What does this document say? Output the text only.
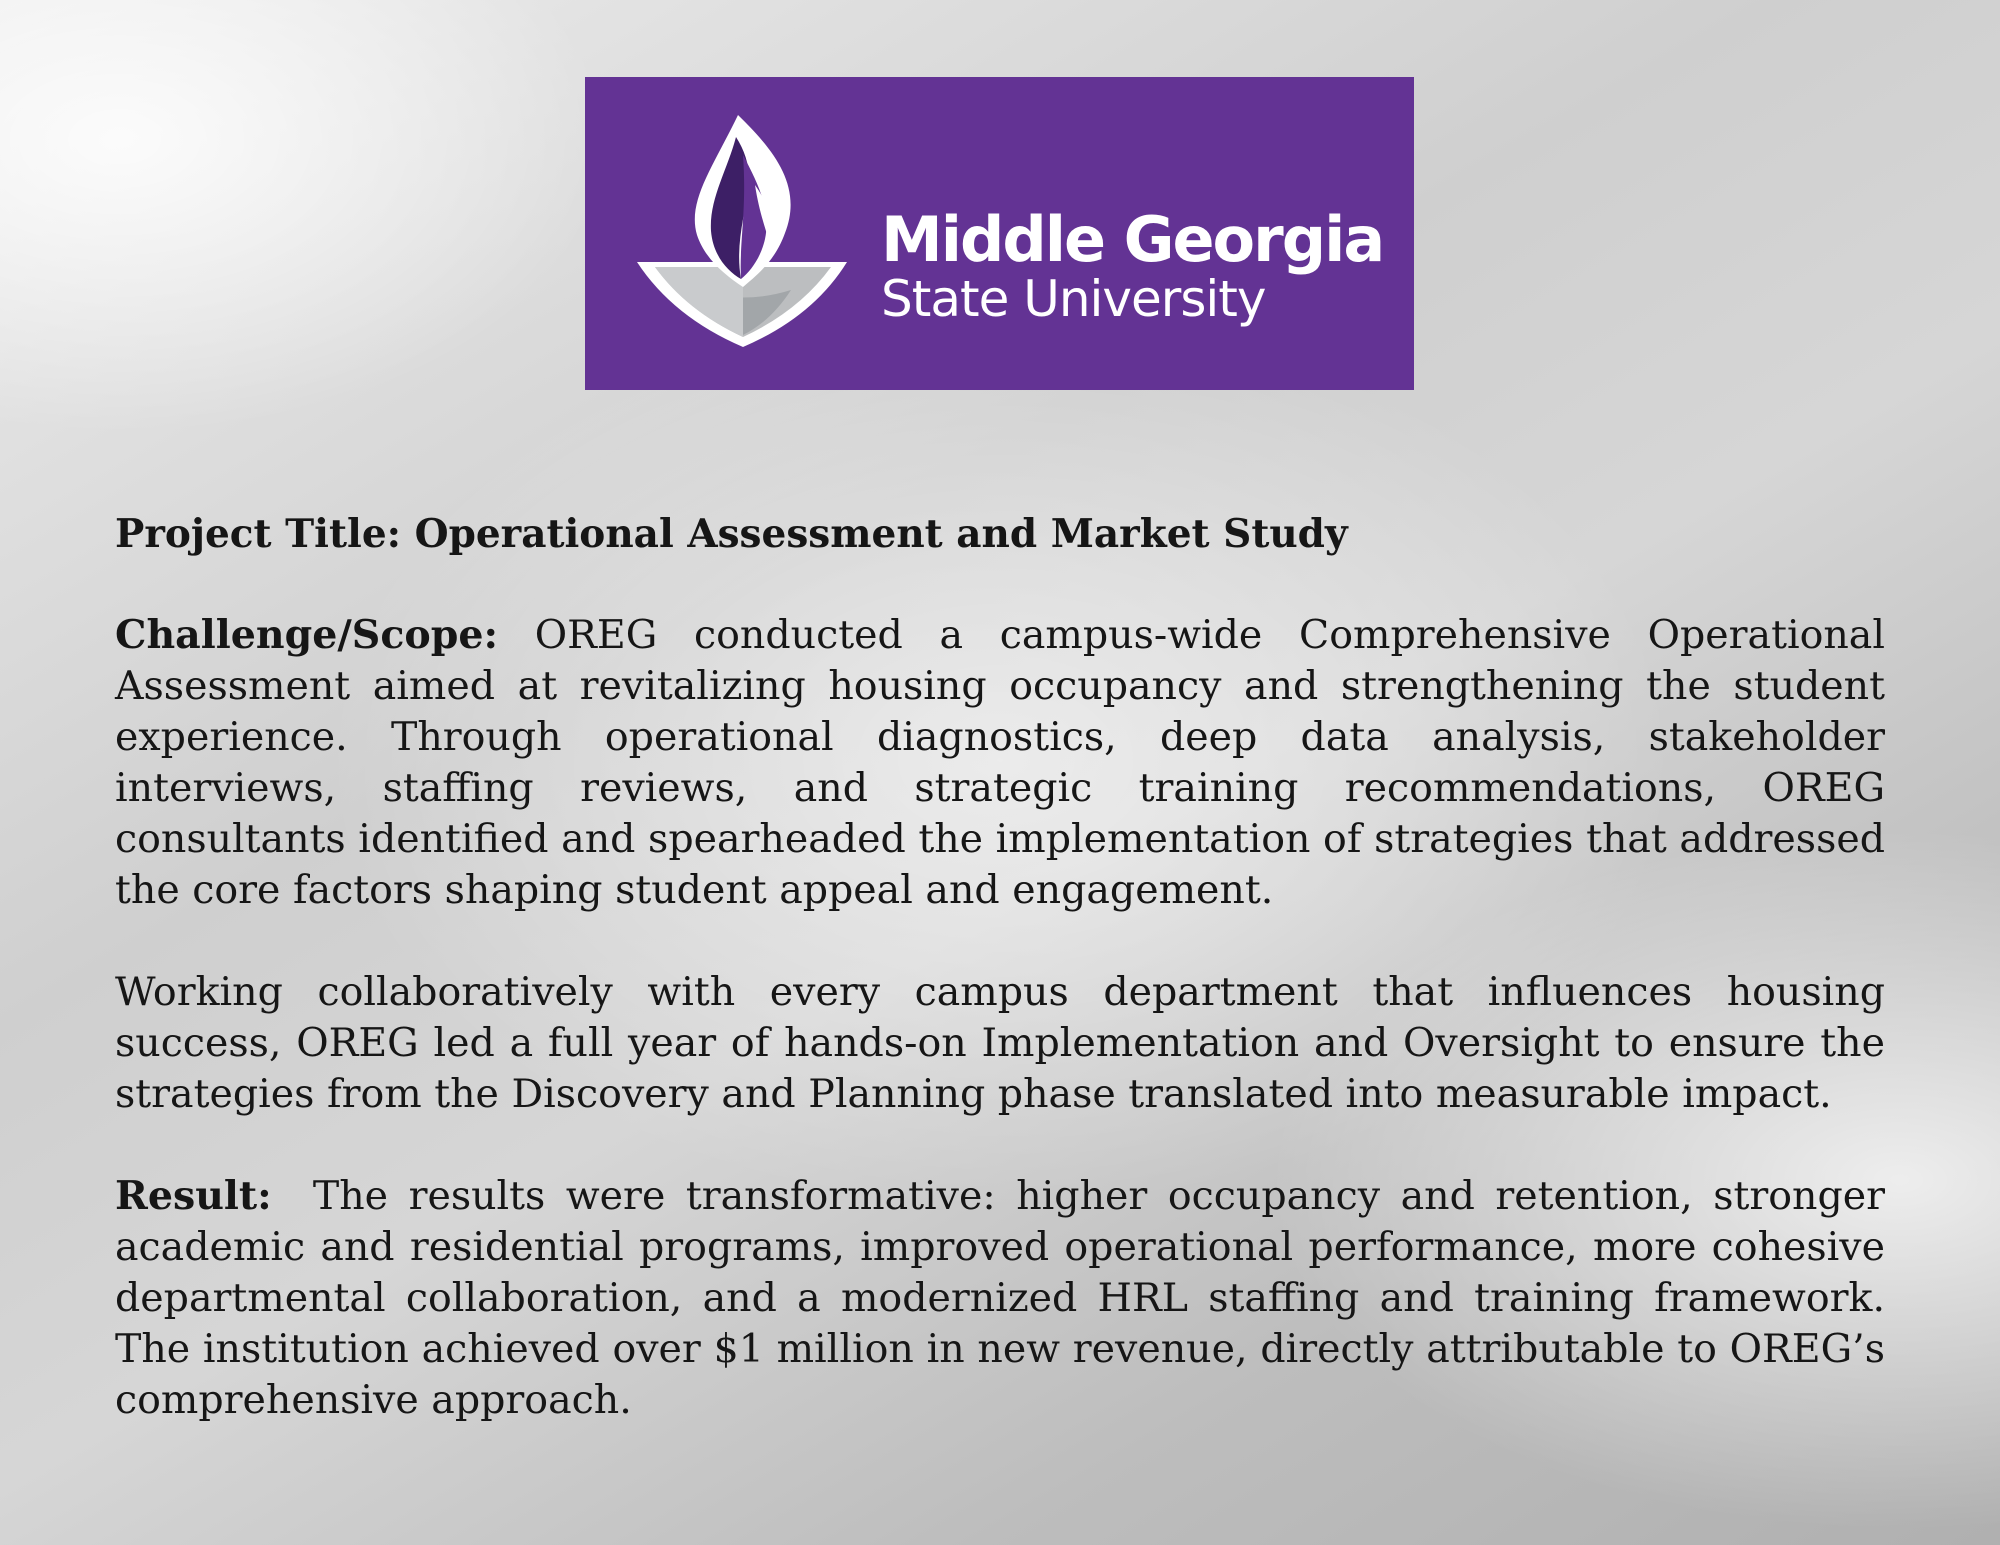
Middle Georgia
State University
Project Title: Operational Assessment and Market Study

Challenge/Scope: OREG conducted a campus-wide Comprehensive Operational Assessment aimed at revitalizing housing occupancy and strengthening the student experience. Through operational diagnostics, deep data analysis, stakeholder interviews, staffing reviews, and strategic training recommendations, OREG consultants identified and spearheaded the implementation of strategies that addressed the core factors shaping student appeal and engagement.

Working collaboratively with every campus department that influences housing success, OREG led a full year of hands-on Implementation and Oversight to ensure the strategies from the Discovery and Planning phase translated into measurable impact.

Result: The results were transformative: higher occupancy and retention, stronger academic and residential programs, improved operational performance, more cohesive departmental collaboration, and a modernized HRL staffing and training framework. The institution achieved over $1 million in new revenue, directly attributable to OREG’s comprehensive approach.
